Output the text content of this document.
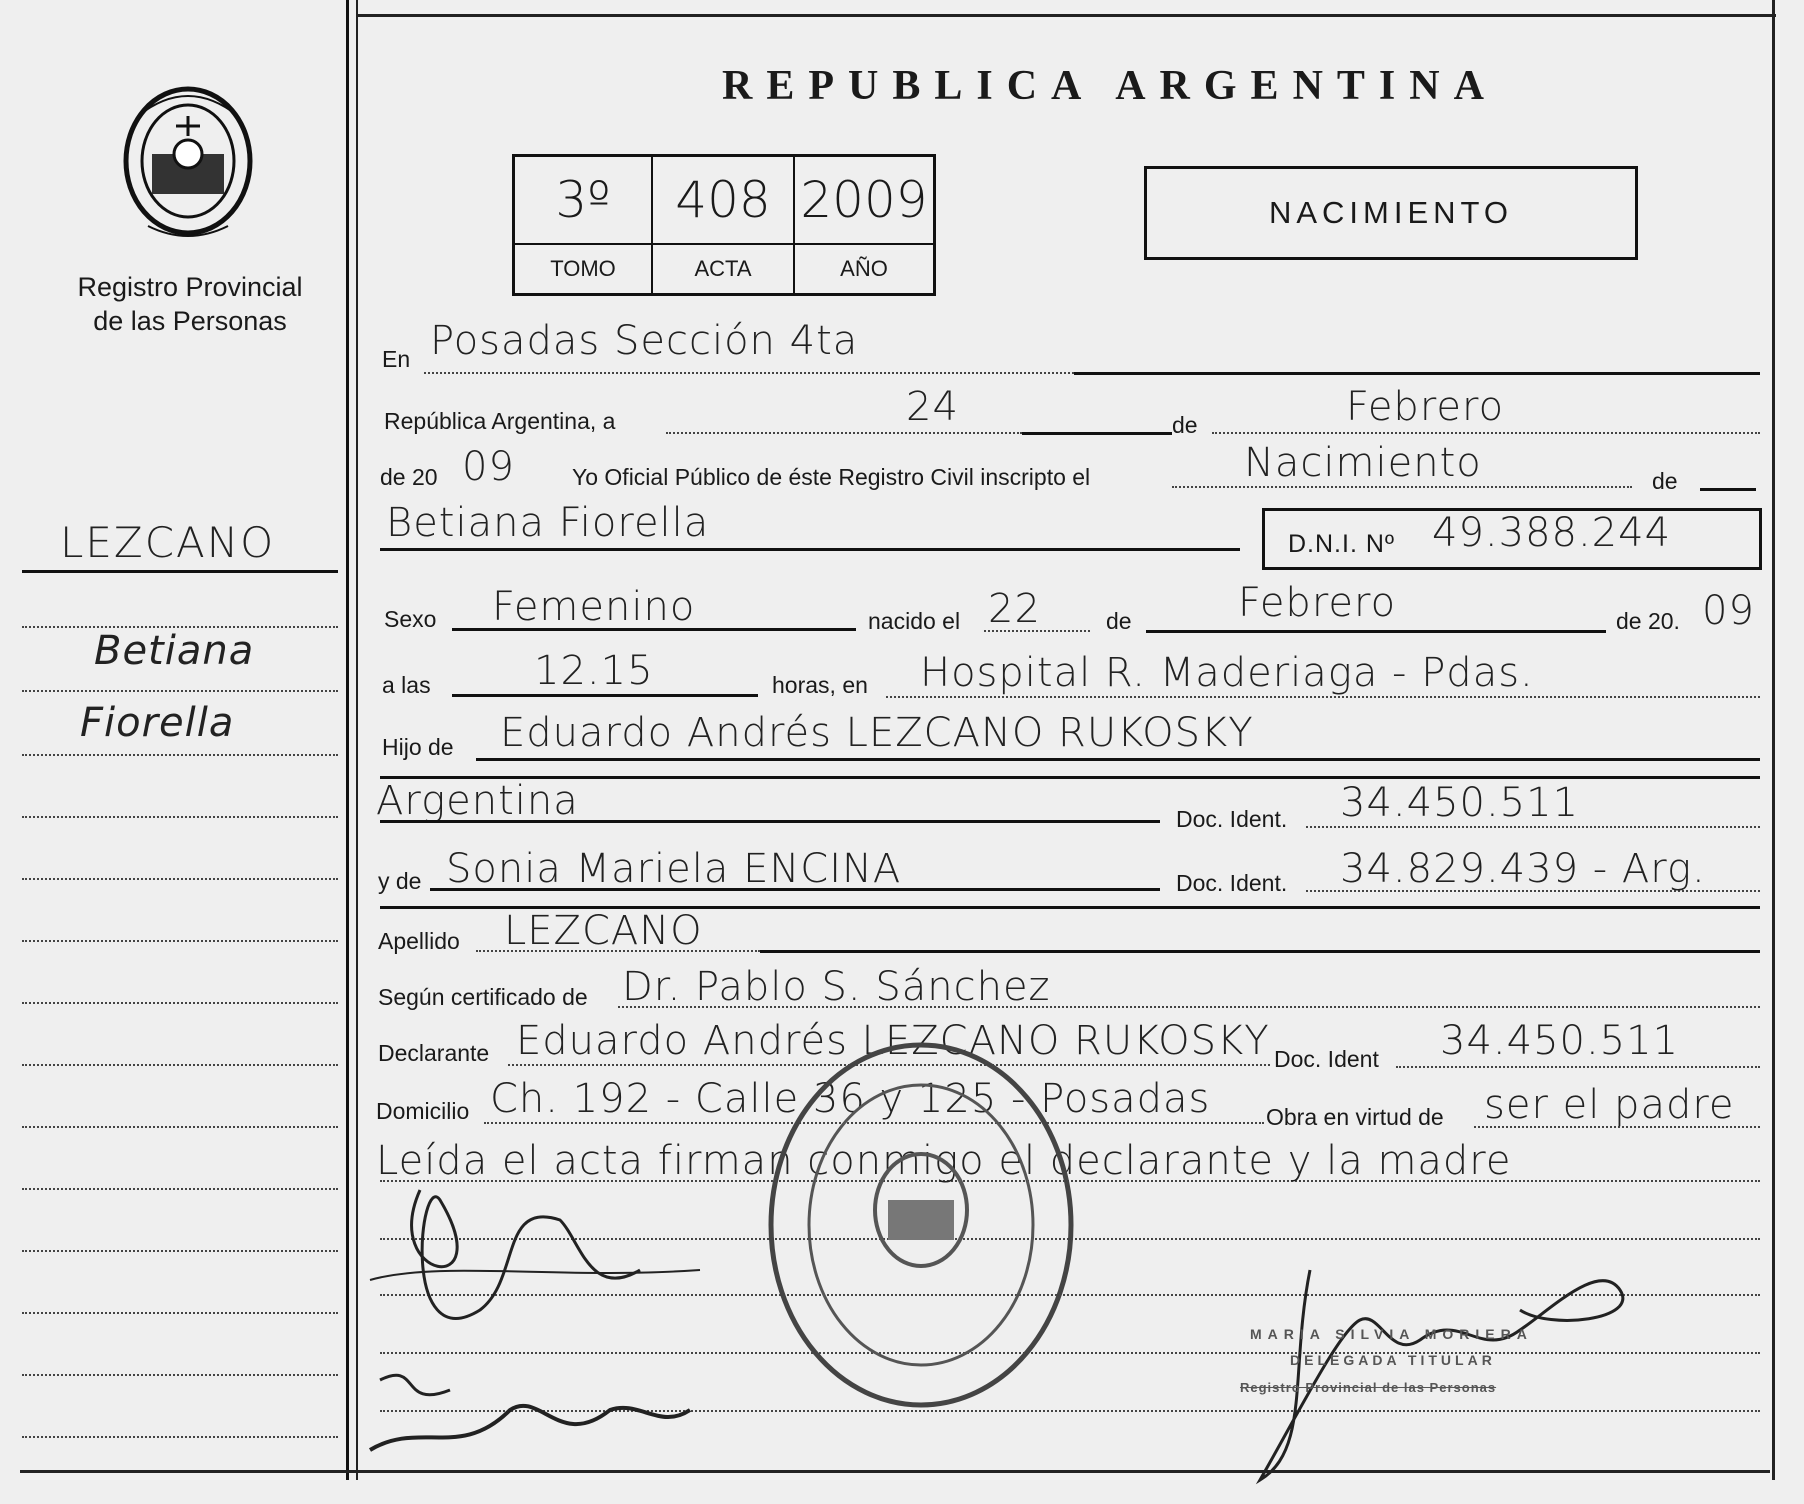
Registro Provincial
de las Personas
LEZCANO
Betiana
Fiorella
REPUBLICA ARGENTINA
3º	408 2009
TOMO	ACTA	AÑO
NACIMIENTO
En Posadas Sección 4ta
República Argentina, a	24	de	Febrero
de 20 09 Yo Oficial Público de éste Registro Civil inscripto el	Nacimiento	de
Betiana Fiorella	D.N.I. Nº 49.388.244
Sexo Femenino	nacido el 22	de	Febrero	de 20. 09
a las	12.15	horas, en Hospital R. Maderiaga - Pdas.
Hijo de Eduardo Andrés LEZCANO RUKOSKY
Argentina	Doc. Ident. 34.450.511
y de Sonia Mariela ENCINA	Doc. Ident. 34.829.439 - Arg.
Apellido LEZCANO
Según certificado de Dr. Pablo S. Sánchez
Declarante Eduardo Andrés LEZCANO RUKOSKY Doc. Ident 34.450.511
Domicilio Ch. 192 - Calle 36 y 125 - Posadas Obra en virtud de ser el padre
Leída el acta firman conmigo el declarante y la madre
MARIA SILVIA MORIERA
DELEGADA TITULAR
Registro Provincial de las Personas
